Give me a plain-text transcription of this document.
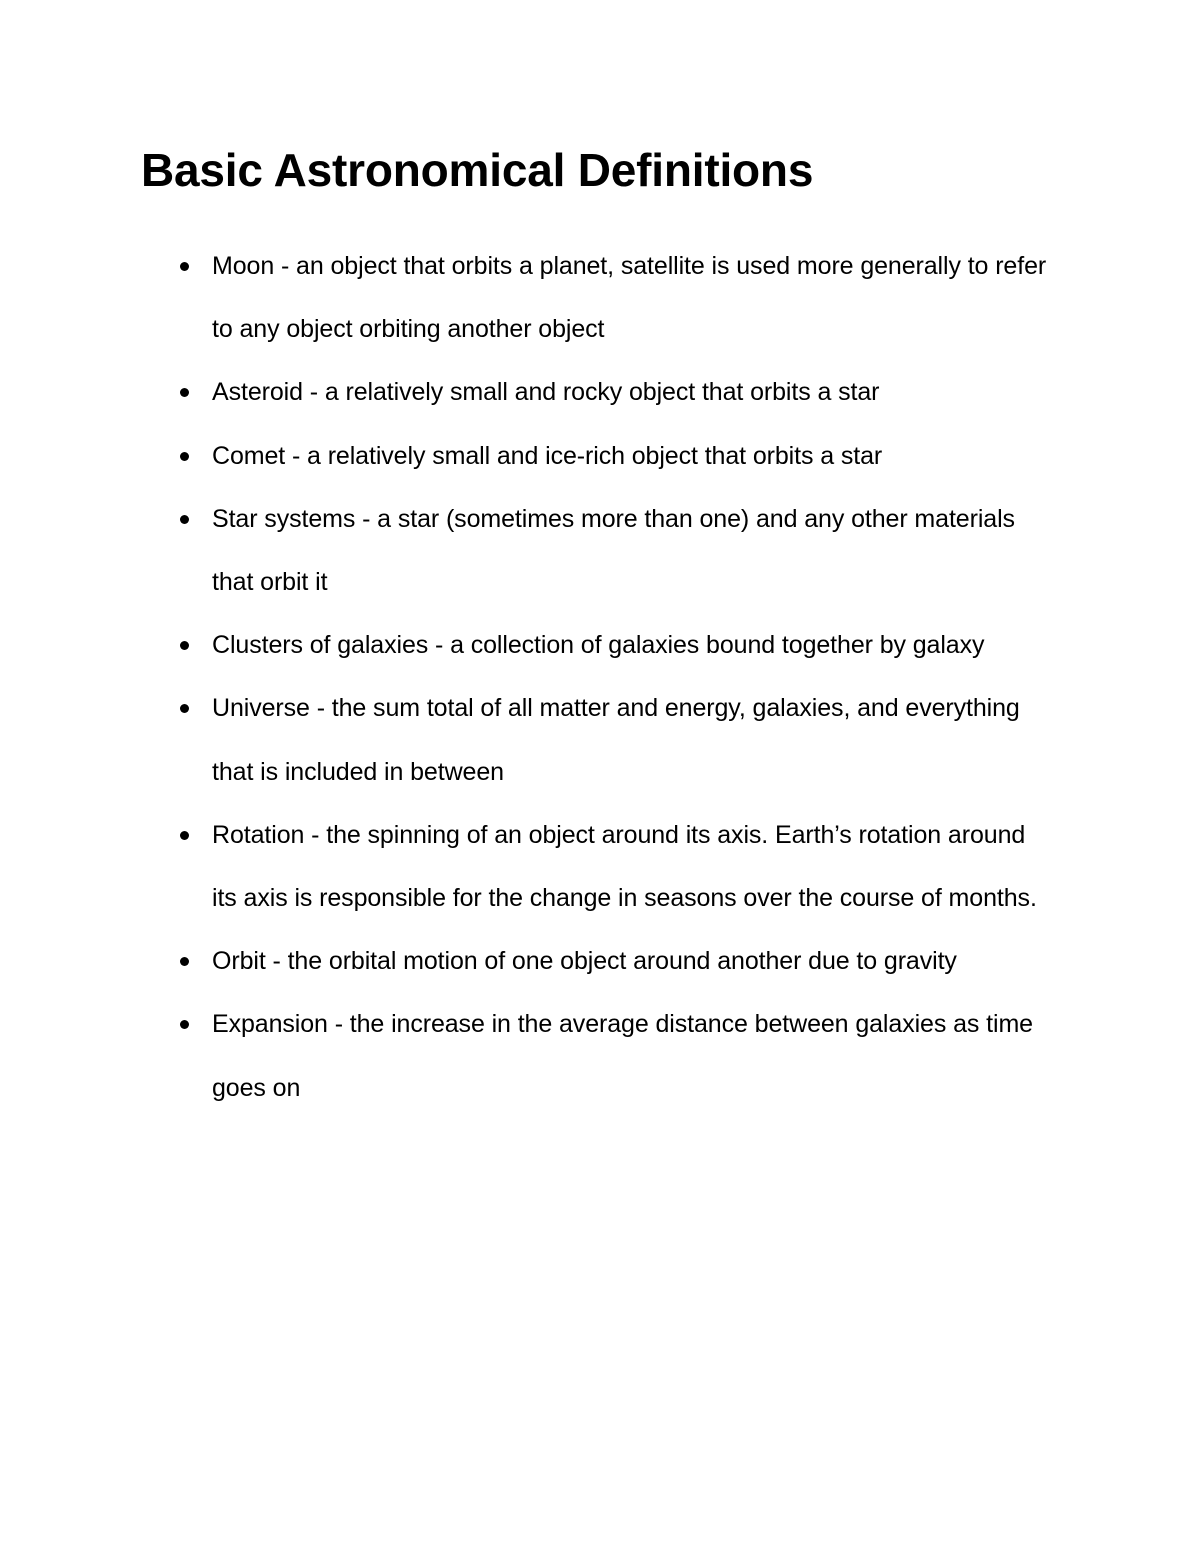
Basic Astronomical Definitions
Moon - an object that orbits a planet, satellite is used more generally to refer to any object orbiting another object
Asteroid - a relatively small and rocky object that orbits a star
Comet - a relatively small and ice-rich object that orbits a star
Star systems - a star (sometimes more than one) and any other materials that orbit it
Clusters of galaxies - a collection of galaxies bound together by galaxy
Universe - the sum total of all matter and energy, galaxies, and everything that is included in between
Rotation - the spinning of an object around its axis. Earth’s rotation around its axis is responsible for the change in seasons over the course of months.
Orbit - the orbital motion of one object around another due to gravity
Expansion - the increase in the average distance between galaxies as time goes on
